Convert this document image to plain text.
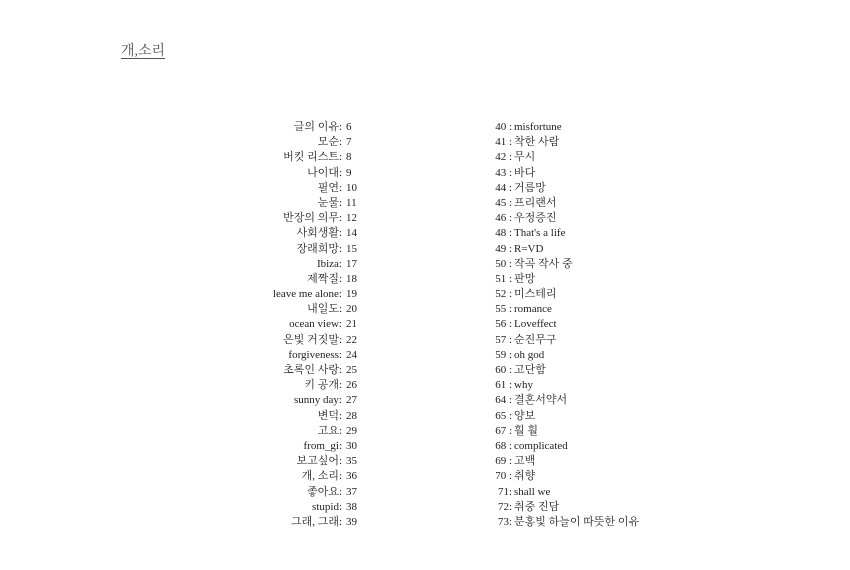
개,소리
글의 이유: 6
모순: 7
버킷 리스트: 8
나이대: 9
필연: 10
눈물: 11
반장의 의무: 12
사회생활: 14
장래희망: 15
Ibiza: 17
제짝질: 18
leave me alone: 19
내일도: 20
ocean view: 21
은빛 거짓말: 22
forgiveness: 24
초록인 사랑: 25
키 공개: 26
sunny day: 27
변덕: 28
고요: 29
from_gi: 30
보고싶어: 35
개, 소리: 36
좋아요: 37
stupid: 38
그래, 그래: 39
40 : misfortune
41 : 착한 사람
42 : 무시
43 : 바다
44 : 거름망
45 : 프리랜서
46 : 우정증진
48 : That's a life
49 : R=VD
50 : 작곡 작사 중
51 : 판망
52 : 미스테리
55 : romance
56 : Loveffect
57 : 순진무구
59 : oh god
60 : 고단함
61 : why
64 : 결혼서약서
65 : 양보
67 : 훨 훨
68 : complicated
69 : 고백
70 : 취향
71: shall we
72: 취중 진담
73: 분홍빛 하늘이 따뜻한 이유
